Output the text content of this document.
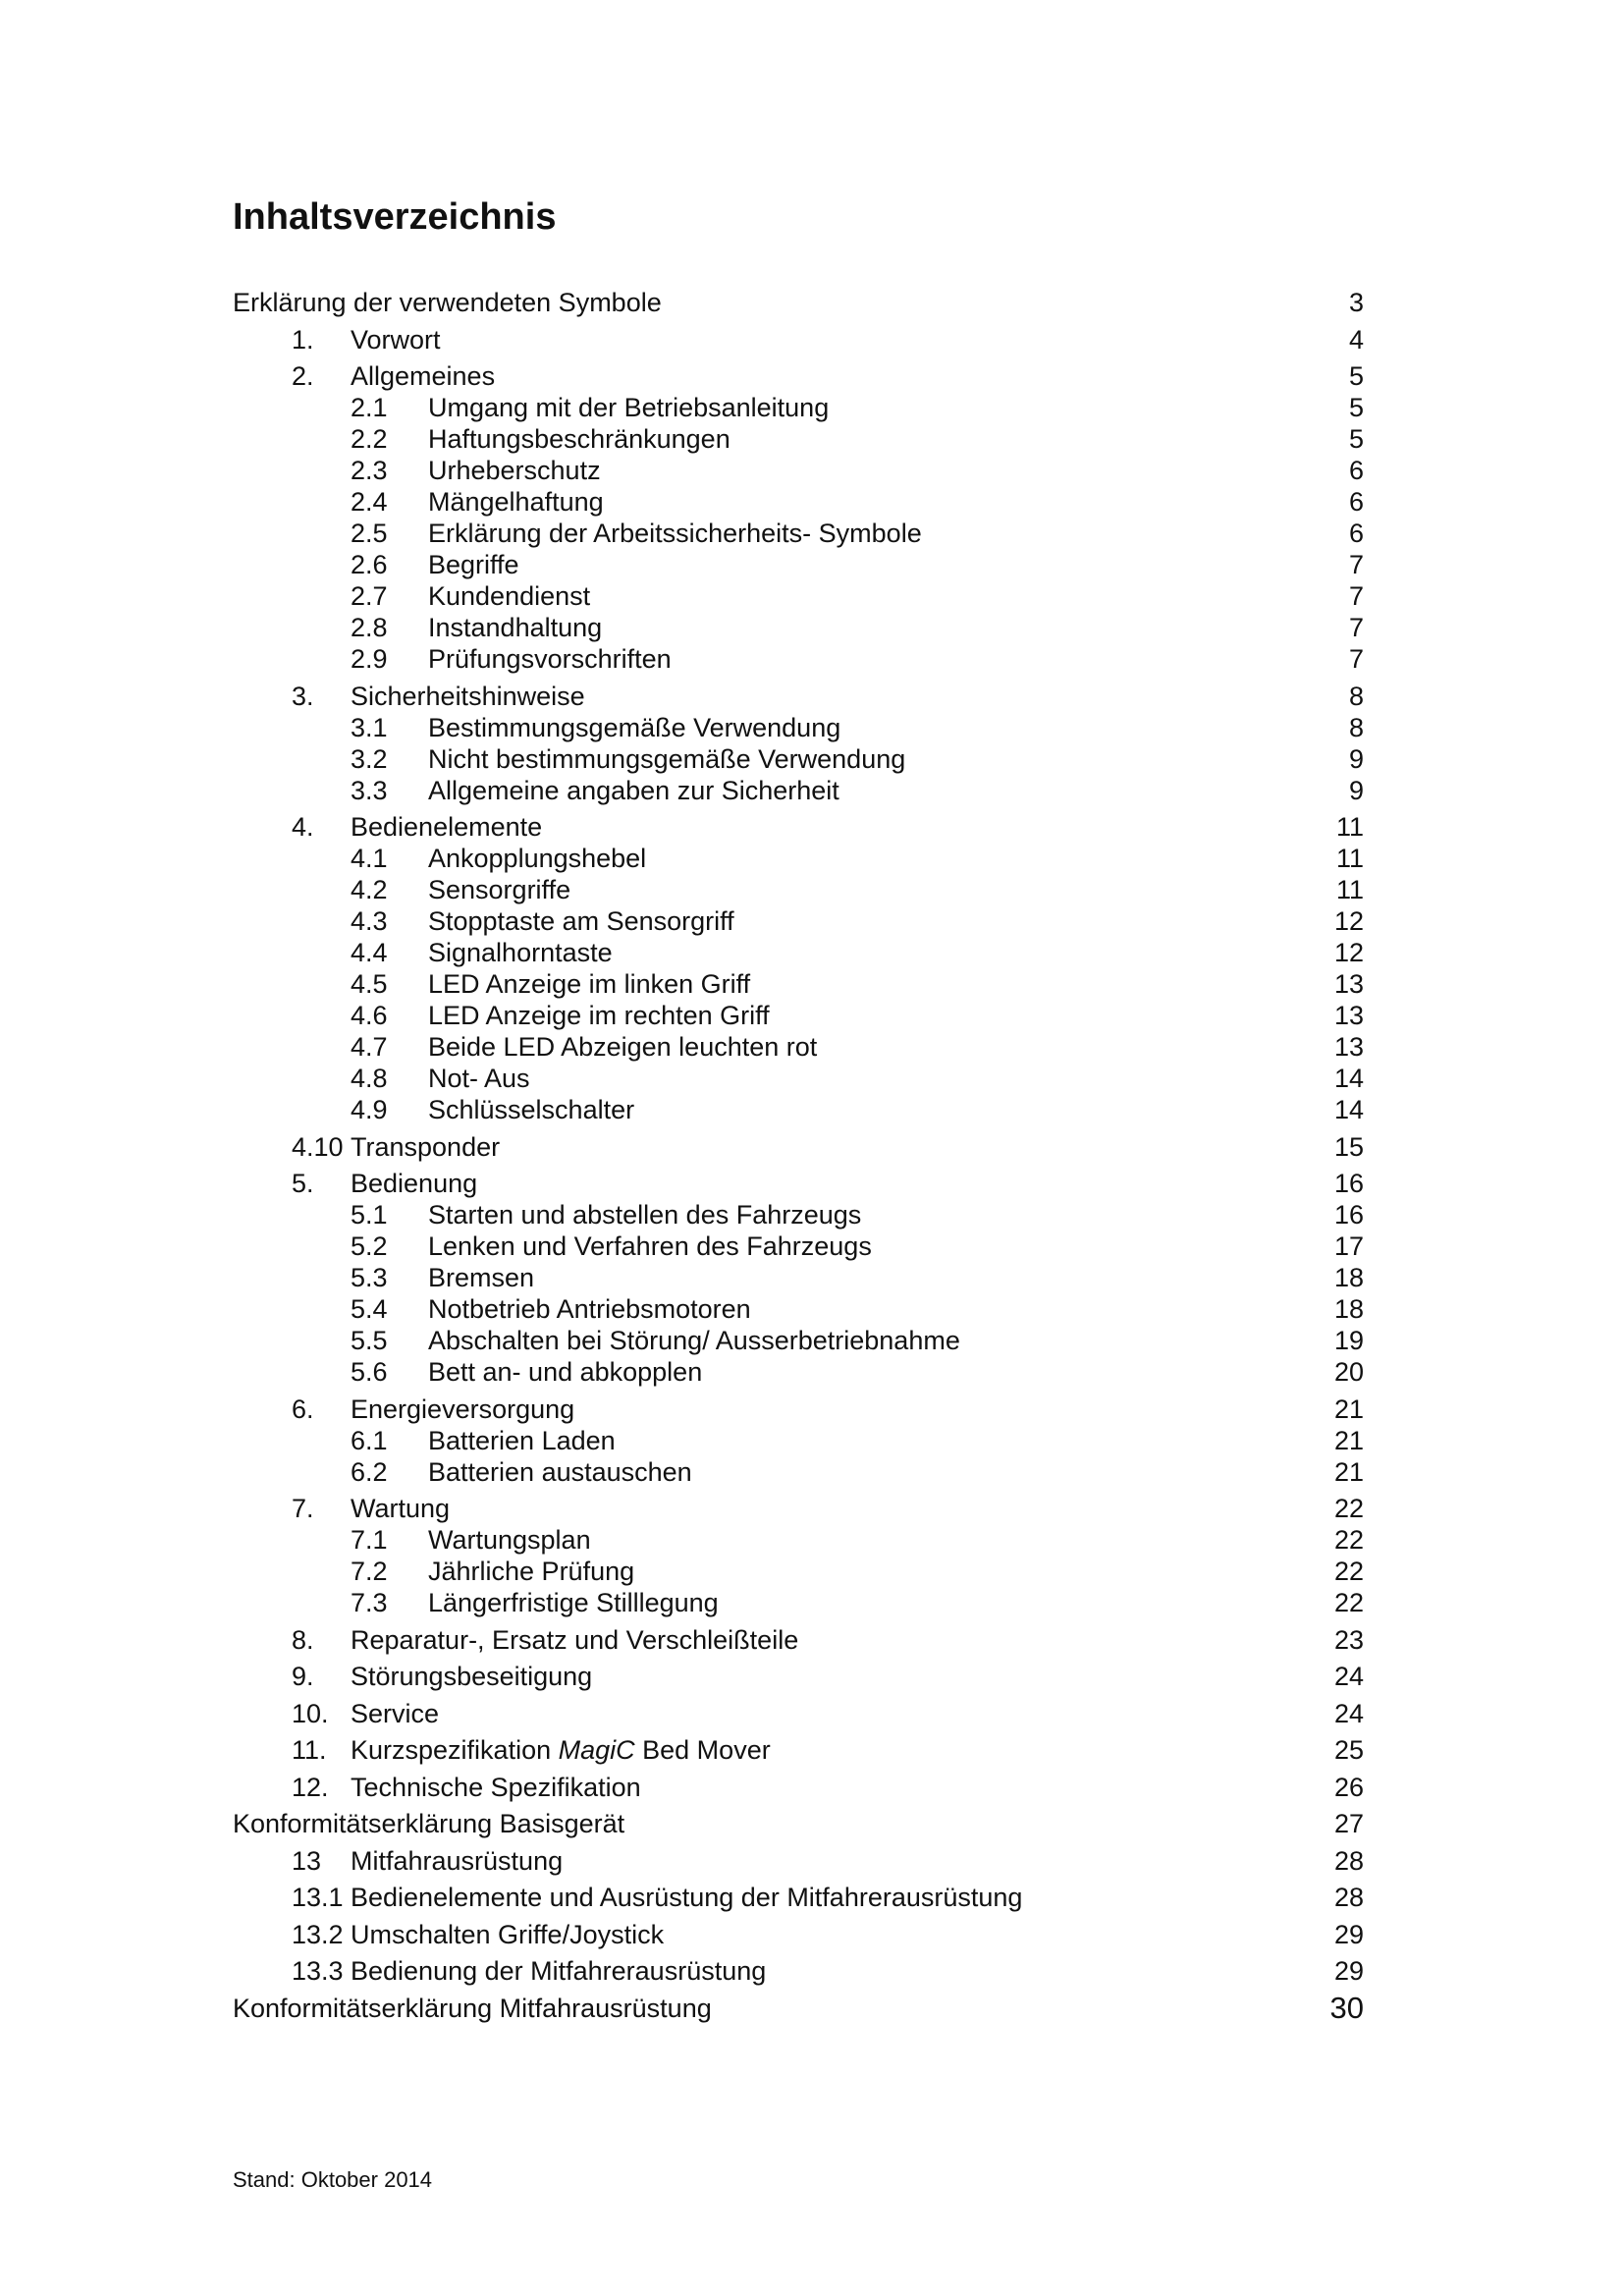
Inhaltsverzeichnis
Erklärung der verwendeten Symbole	3
1. Vorwort	4
2. Allgemeines	5
2.1 Umgang mit der Betriebsanleitung	5
2.2 Haftungsbeschränkungen	5
2.3 Urheberschutz	6
2.4 Mängelhaftung	6
2.5 Erklärung der Arbeitssicherheits- Symbole	6
2.6 Begriffe	7
2.7 Kundendienst	7
2.8 Instandhaltung	7
2.9 Prüfungsvorschriften	7
3. Sicherheitshinweise	8
3.1 Bestimmungsgemäße Verwendung	8
3.2 Nicht bestimmungsgemäße Verwendung	9
3.3 Allgemeine angaben zur Sicherheit	9
4. Bedienelemente	11
4.1 Ankopplungshebel	11
4.2 Sensorgriffe	11
4.3 Stopptaste am Sensorgriff	12
4.4 Signalhorntaste	12
4.5 LED Anzeige im linken Griff	13
4.6 LED Anzeige im rechten Griff	13
4.7 Beide LED Abzeigen leuchten rot	13
4.8 Not- Aus	14
4.9 Schlüsselschalter	14
4.10 Transponder	15
5. Bedienung	16
5.1 Starten und abstellen des Fahrzeugs	16
5.2 Lenken und Verfahren des Fahrzeugs	17
5.3 Bremsen	18
5.4 Notbetrieb Antriebsmotoren	18
5.5 Abschalten bei Störung/ Ausserbetriebnahme	19
5.6 Bett an- und abkopplen	20
6. Energieversorgung	21
6.1 Batterien Laden	21
6.2 Batterien austauschen	21
7. Wartung	22
7.1 Wartungsplan	22
7.2 Jährliche Prüfung	22
7.3 Längerfristige Stilllegung	22
8. Reparatur-, Ersatz und Verschleißteile	23
9. Störungsbeseitigung	24
10. Service	24
11. Kurzspezifikation MagiC Bed Mover	25
12. Technische Spezifikation	26
Konformitätserklärung Basisgerät	27
13 Mitfahrausrüstung	28
13.1 Bedienelemente und Ausrüstung der Mitfahrerausrüstung	28
13.2 Umschalten Griffe/Joystick	29
13.3 Bedienung der Mitfahrerausrüstung	29
Konformitätserklärung Mitfahrausrüstung	30
Stand: Oktober 2014
